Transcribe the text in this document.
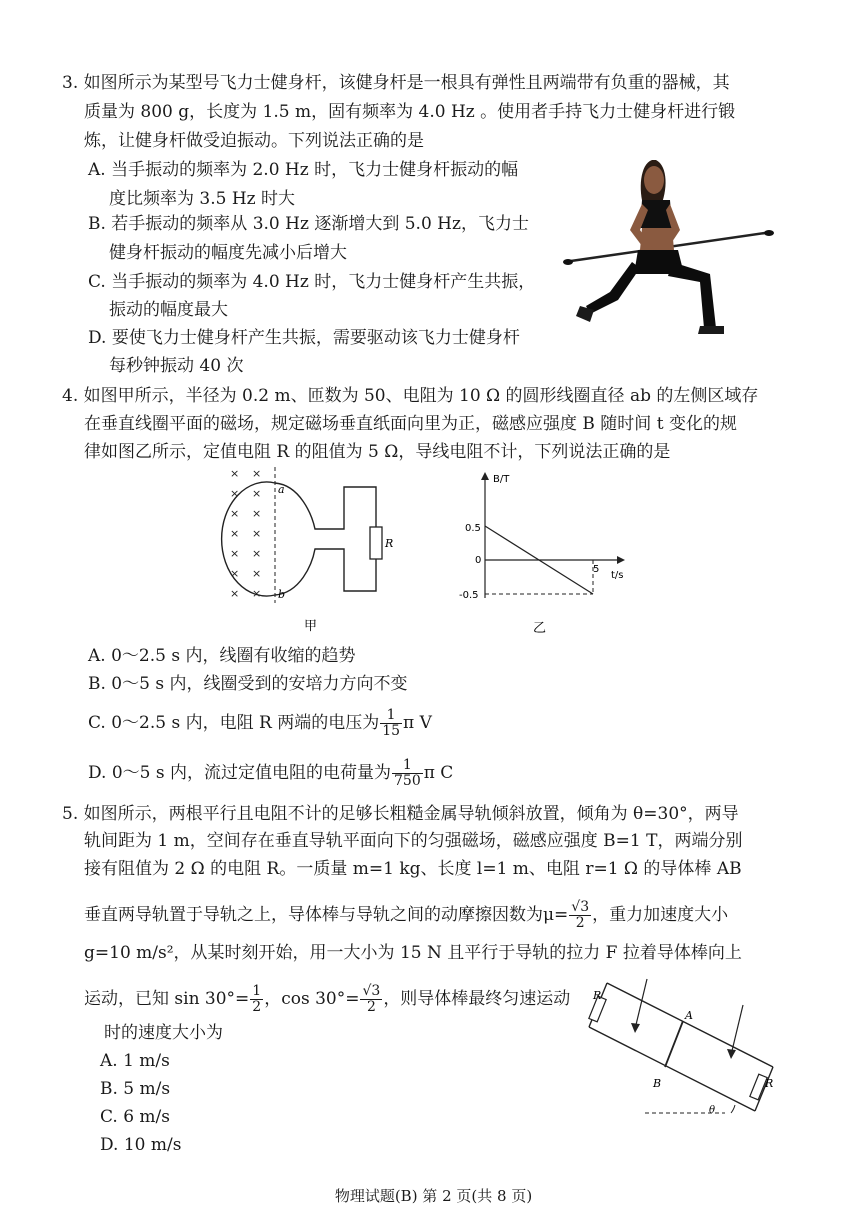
3. 如图所示为某型号飞力士健身杆，该健身杆是一根具有弹性且两端带有负重的器械，其
质量为 800 g，长度为 1.5 m，固有频率为 4.0 Hz 。使用者手持飞力士健身杆进行锻
炼，让健身杆做受迫振动。下列说法正确的是
A. 当手振动的频率为 2.0 Hz 时，飞力士健身杆振动的幅
度比频率为 3.5 Hz 时大
B. 若手振动的频率从 3.0 Hz 逐渐增大到 5.0 Hz，飞力士
健身杆振动的幅度先减小后增大
C. 当手振动的频率为 4.0 Hz 时，飞力士健身杆产生共振，
振动的幅度最大
D. 要使飞力士健身杆产生共振，需要驱动该飞力士健身杆
每秒钟振动 40 次
4. 如图甲所示，半径为 0.2 m、匝数为 50、电阻为 10 Ω 的圆形线圈直径 ab 的左侧区域存
在垂直线圈平面的磁场，规定磁场垂直纸面向里为正，磁感应强度 B 随时间 t 变化的规
律如图乙所示，定值电阻 R 的阻值为 5 Ω，导线电阻不计，下列说法正确的是
× ×
× ×
× ×
× ×
× ×
× ×
× ×
R
a
b
甲
B/T
t/s
0.5
0
-0.5
5
乙
A. 0～2.5 s 内，线圈有收缩的趋势
B. 0～5 s 内，线圈受到的安培力方向不变
C. 0～2.5 s 内，电阻 R 两端的电压为 $\frac{1}{15}$ π V
D. 0～5 s 内，流过定值电阻的电荷量为 $\frac{1}{750}$ π C
5. 如图所示，两根平行且电阻不计的足够长粗糙金属导轨倾斜放置，倾角为 θ=30°，两导
轨间距为 1 m，空间存在垂直导轨平面向下的匀强磁场，磁感应强度 B=1 T，两端分别
接有阻值为 2 Ω 的电阻 R。一质量 m=1 kg、长度 l=1 m、电阻 r=1 Ω 的导体棒 AB
垂直两导轨置于导轨之上，导体棒与导轨之间的动摩擦因数为$\mu= \frac{√3}{2}$ ，重力加速度大小
g=10 m/s²，从某时刻开始，用一大小为 15 N 且平行于导轨的拉力 F 拉着导体棒向上
运动，已知 $\sin 30^\circ= \frac{1}{2}$ ，$\cos 30^\circ= \frac{√3}{2}$ ，则导体棒最终匀速运动
时的速度大小为
A. 1 m/s
B. 5 m/s
C. 6 m/s
D. 10 m/s
R
R
A
B
θ
物理试题(B) 第 2 页(共 8 页)
